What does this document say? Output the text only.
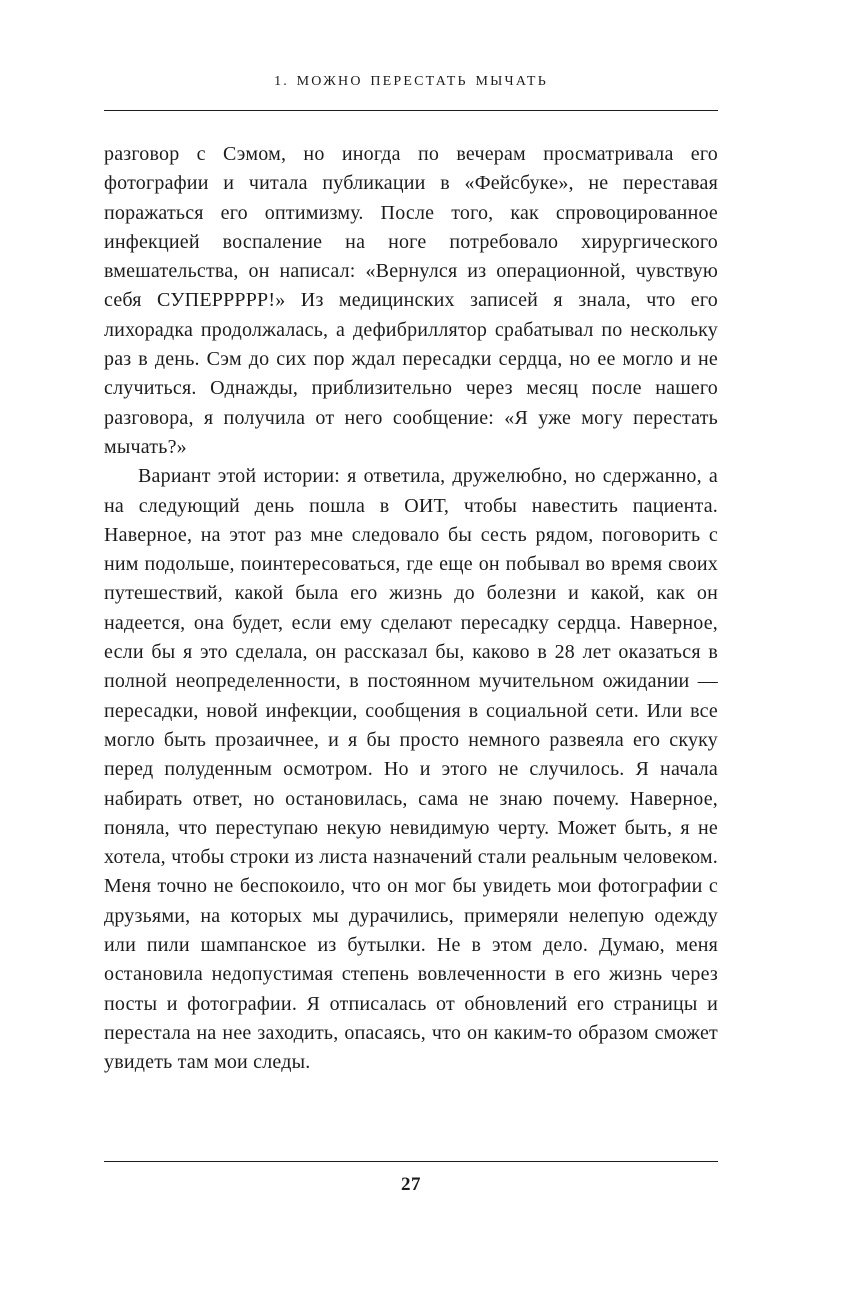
1. МОЖНО ПЕРЕСТАТЬ МЫЧАТЬ

разговор с Сэмом, но иногда по вечерам просматривала его фотографии и читала публикации в «Фейсбуке», не переставая поражаться его оптимизму. После того, как спровоцированное инфекцией воспаление на ноге потребовало хирургического вмешательства, он написал: «Вернулся из операционной, чувствую себя СУПЕРРРРР!» Из медицинских записей я знала, что его лихорадка продолжалась, а дефибриллятор срабатывал по нескольку раз в день. Сэм до сих пор ждал пересадки сердца, но ее могло и не случиться. Однажды, приблизительно через месяц после нашего разговора, я получила от него сообщение: «Я уже могу перестать мычать?»

Вариант этой истории: я ответила, дружелюбно, но сдержанно, а на следующий день пошла в ОИТ, чтобы навестить пациента. Наверное, на этот раз мне следовало бы сесть рядом, поговорить с ним подольше, поинтересоваться, где еще он побывал во время своих путешествий, какой была его жизнь до болезни и какой, как он надеется, она будет, если ему сделают пересадку сердца. Наверное, если бы я это сделала, он рассказал бы, каково в 28 лет оказаться в полной неопределенности, в постоянном мучительном ожидании — пересадки, новой инфекции, сообщения в социальной сети. Или все могло быть прозаичнее, и я бы просто немного развеяла его скуку перед полуденным осмотром. Но и этого не случилось. Я начала набирать ответ, но остановилась, сама не знаю почему. Наверное, поняла, что переступаю некую невидимую черту. Может быть, я не хотела, чтобы строки из листа назначений стали реальным человеком. Меня точно не беспокоило, что он мог бы увидеть мои фотографии с друзьями, на которых мы дурачились, примеряли нелепую одежду или пили шампанское из бутылки. Не в этом дело. Думаю, меня остановила недопустимая степень вовлеченности в его жизнь через посты и фотографии. Я отписалась от обновлений его страницы и перестала на нее заходить, опасаясь, что он каким-то образом сможет увидеть там мои следы.

27
